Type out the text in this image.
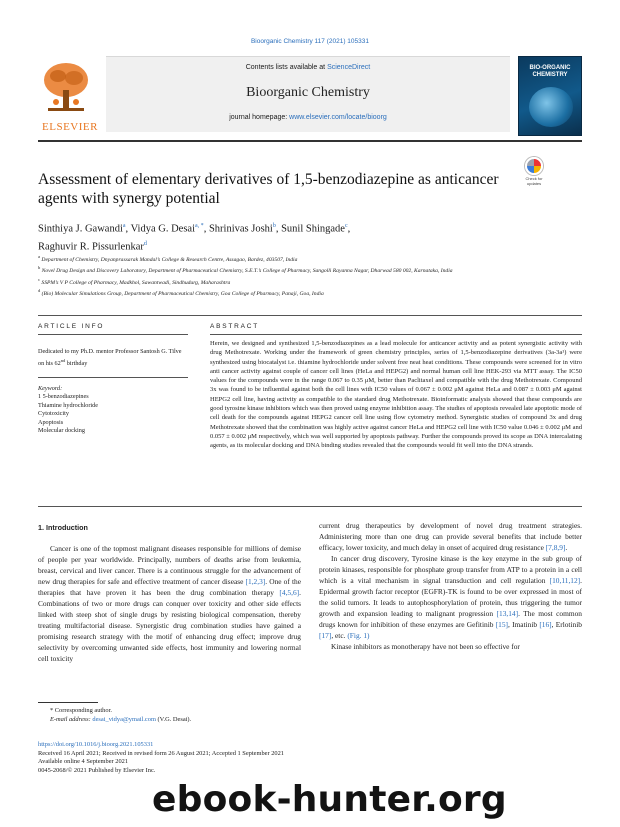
Bioorganic Chemistry 117 (2021) 105331
ELSEVIER
Contents lists available at ScienceDirect
Bioorganic Chemistry
journal homepage: www.elsevier.com/locate/bioorg
BIO-ORGANIC CHEMISTRY
Assessment of elementary derivatives of 1,5-benzodiazepine as anticancer agents with synergy potential
Check for updates
Sinthiya J. Gawandi$^a$, Vidya G. Desai$^{a, *}$, Shrinivas Joshi$^b$, Sunil Shingade$^c$,
Raghuvir R. Pissurlenkar$^d$
$^a$ Department of Chemistry, Dnyanprassarak Mandal’s College & Research Centre, Assagao, Bardez, 403507, India
$^b$ Novel Drug Design and Discovery Laboratory, Department of Pharmaceutical Chemistry, S.E.T.’s College of Pharmacy, Sangolli Rayanna Nagar, Dharwad 580 002, Karnataka, India
$^c$ SSPM’s V P College of Pharmacy, Madkhol, Sawantwadi, Sindhudurg, Maharashtra
$^d$ (Bio) Molecular Simulations Group, Department of Pharmaceutical Chemistry, Goa College of Pharmacy, Panaji, Goa, India
ARTICLE INFO	ABSTRACT
Dedicated to my Ph.D. mentor Professor Santosh G. Tilve on his 62nd birthday
Keyword:
1 5-benzodiazepines
Thiamine hydrochloride
Cytotoxicity
Apoptosis
Molecular docking
Herein, we designed and synthesized 1,5-benzodiazepines as a lead molecule for anticancer activity and as potent synergistic activity with drug Methotrexate. Working under the framework of green chemistry principles, series of 1,5-benzodiazepine derivatives (3a-3a¹) were synthesized using biocatalyst i.e. thiamine hydrochloride under solvent free neat heat conditions. These compounds were screened for in vitro anti cancer activity against couple of cancer cell lines (HeLa and HEPG2) and normal human cell line HEK-293 via MTT assay. The IC50 values for the compounds were in the range 0.067 to 0.35 μM, better than Paclitaxel and compatible with the drug Methotrexate. Compound 3x was found to be influential against both the cell lines with IC50 values of 0.067 ± 0.002 μM against HeLa and 0.087 ± 0.003 μM against HEPG2 cell line, having activity as compatible to the standard drug Methotrexate. Bioinformatic analysis showed that these compounds are good tyrosine kinase inhibitors which was then proved using enzyme inhibition assay. The studies of apoptosis revealed late apoptotic mode of cell death for the compounds against HEPG2 cancer cell line using flow cytometry method. Synergistic studies of compound 3x and drug Methotrexate showed that the combination was highly active against cancer HeLa and HEPG2 cell line with IC50 value 0.046 ± 0.002 μM and 0.057 ± 0.002 μM respectively, which was well supported by apoptosis pathway. Further the compounds proved its scope as DNA intercalating agents, as its molecular docking and DNA binding studies revealed that the compounds would fit well into the DNA strands.

1. Introduction

Cancer is one of the topmost malignant diseases responsible for millions of demise of people per year worldwide. Principally, numbers of deaths arise from leukemia, breast, cervical and liver cancer. There is a continuous struggle for the advancement of new drug therapies for safe and effective treatment of cancer disease [1,2,3]. One of the therapies that have proven it has been the drug combination therapy [4,5,6]. Combinations of two or more drugs can conquer over toxicity and other side effects linked with steep shot of single drugs by resisting biological compensation, thereby treating multifactorial disease. Synergistic drug combination studies have gained a promising research strategy with the motif of enhancing drug effect; improve drug selectivity by overcoming unwanted side effects, host immunity and lowering normal cell toxicity

current drug therapeutics by development of novel drug treatment strategies. Administering more than one drug can provide several benefits that include better efficacy, lower toxicity, and much delay in onset of acquired drug resistance [7,8,9].

In cancer drug discovery, Tyrosine kinase is the key enzyme in the sub group of protein kinases, responsible for phosphate group transfer from ATP to a protein in a cell which is a vital mechanism in signal transduction and cell regulation [10,11,12]. Epidermal growth factor receptor (EGFR)-TK is found to be over expressed in most of the solid tumors. It leads to autophosphorylation of protein, thus triggering the tumor growth and expansion leading to malignant progression [13,14]. The most common drugs known for inhibition of these enzymes are Gefitinib [15], Imatinib [16], Erlotinib [17], etc. (Fig. 1)

Kinase inhibitors as monotherapy have not been so effective for

* Corresponding author.
E-mail address: desai_vidya@ymail.com (V.G. Desai).
https://doi.org/10.1016/j.bioorg.2021.105331
Received 16 April 2021; Received in revised form 26 August 2021; Accepted 1 September 2021
Available online 4 September 2021
0045-2068/© 2021 Published by Elsevier Inc.
ebook-hunter.org
